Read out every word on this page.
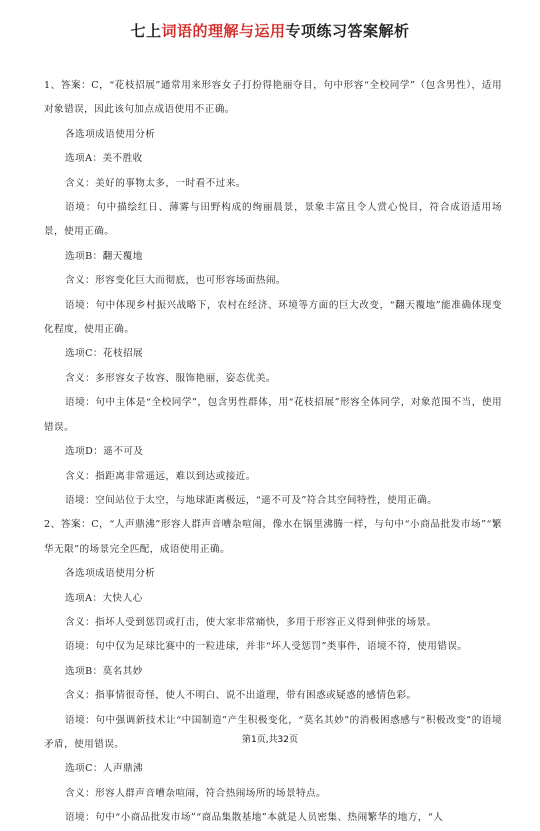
七上词语的理解与运用专项练习答案解析

1、答案：C，“花枝招展”通常用来形容女子打扮得艳丽夺目，句中形容“全校同学”（包含男性），适用对象错误，因此该句加点成语使用不正确。

各选项成语使用分析

选项A：美不胜收

含义：美好的事物太多，一时看不过来。

语境：句中描绘红日、薄雾与田野构成的绚丽晨景，景象丰富且令人赏心悦目，符合成语适用场景，使用正确。

选项B：翻天覆地

含义：形容变化巨大而彻底，也可形容场面热闹。

语境：句中体现乡村振兴战略下，农村在经济、环境等方面的巨大改变，“翻天覆地”能准确体现变化程度，使用正确。

选项C：花枝招展

含义：多形容女子妆容、服饰艳丽，姿态优美。

语境：句中主体是“全校同学”，包含男性群体，用“花枝招展”形容全体同学，对象范围不当，使用错误。

选项D：遥不可及

含义：指距离非常遥远，难以到达或接近。

语境：空间站位于太空，与地球距离极远，“遥不可及”符合其空间特性，使用正确。

2、答案：C，“人声鼎沸”形容人群声音嘈杂喧闹，像水在锅里沸腾一样，与句中“小商品批发市场”“繁华无限”的场景完全匹配，成语使用正确。

各选项成语使用分析

选项A：大快人心

含义：指坏人受到惩罚或打击，使大家非常痛快，多用于形容正义得到伸张的场景。

语境：句中仅为足球比赛中的一粒进球，并非“坏人受惩罚”类事件，语境不符，使用错误。

选项B：莫名其妙

含义：指事情很奇怪，使人不明白、说不出道理，带有困惑或疑惑的感情色彩。

语境：句中强调新技术让“中国制造”产生积极变化，“莫名其妙”的消极困惑感与“积极改变”的语境矛盾，使用错误。

选项C：人声鼎沸

含义：形容人群声音嘈杂喧闹，符合热闹场所的场景特点。

语境：句中“小商品批发市场”“商品集散基地”本就是人员密集、热闹繁华的地方，“人

第1页,共32页
